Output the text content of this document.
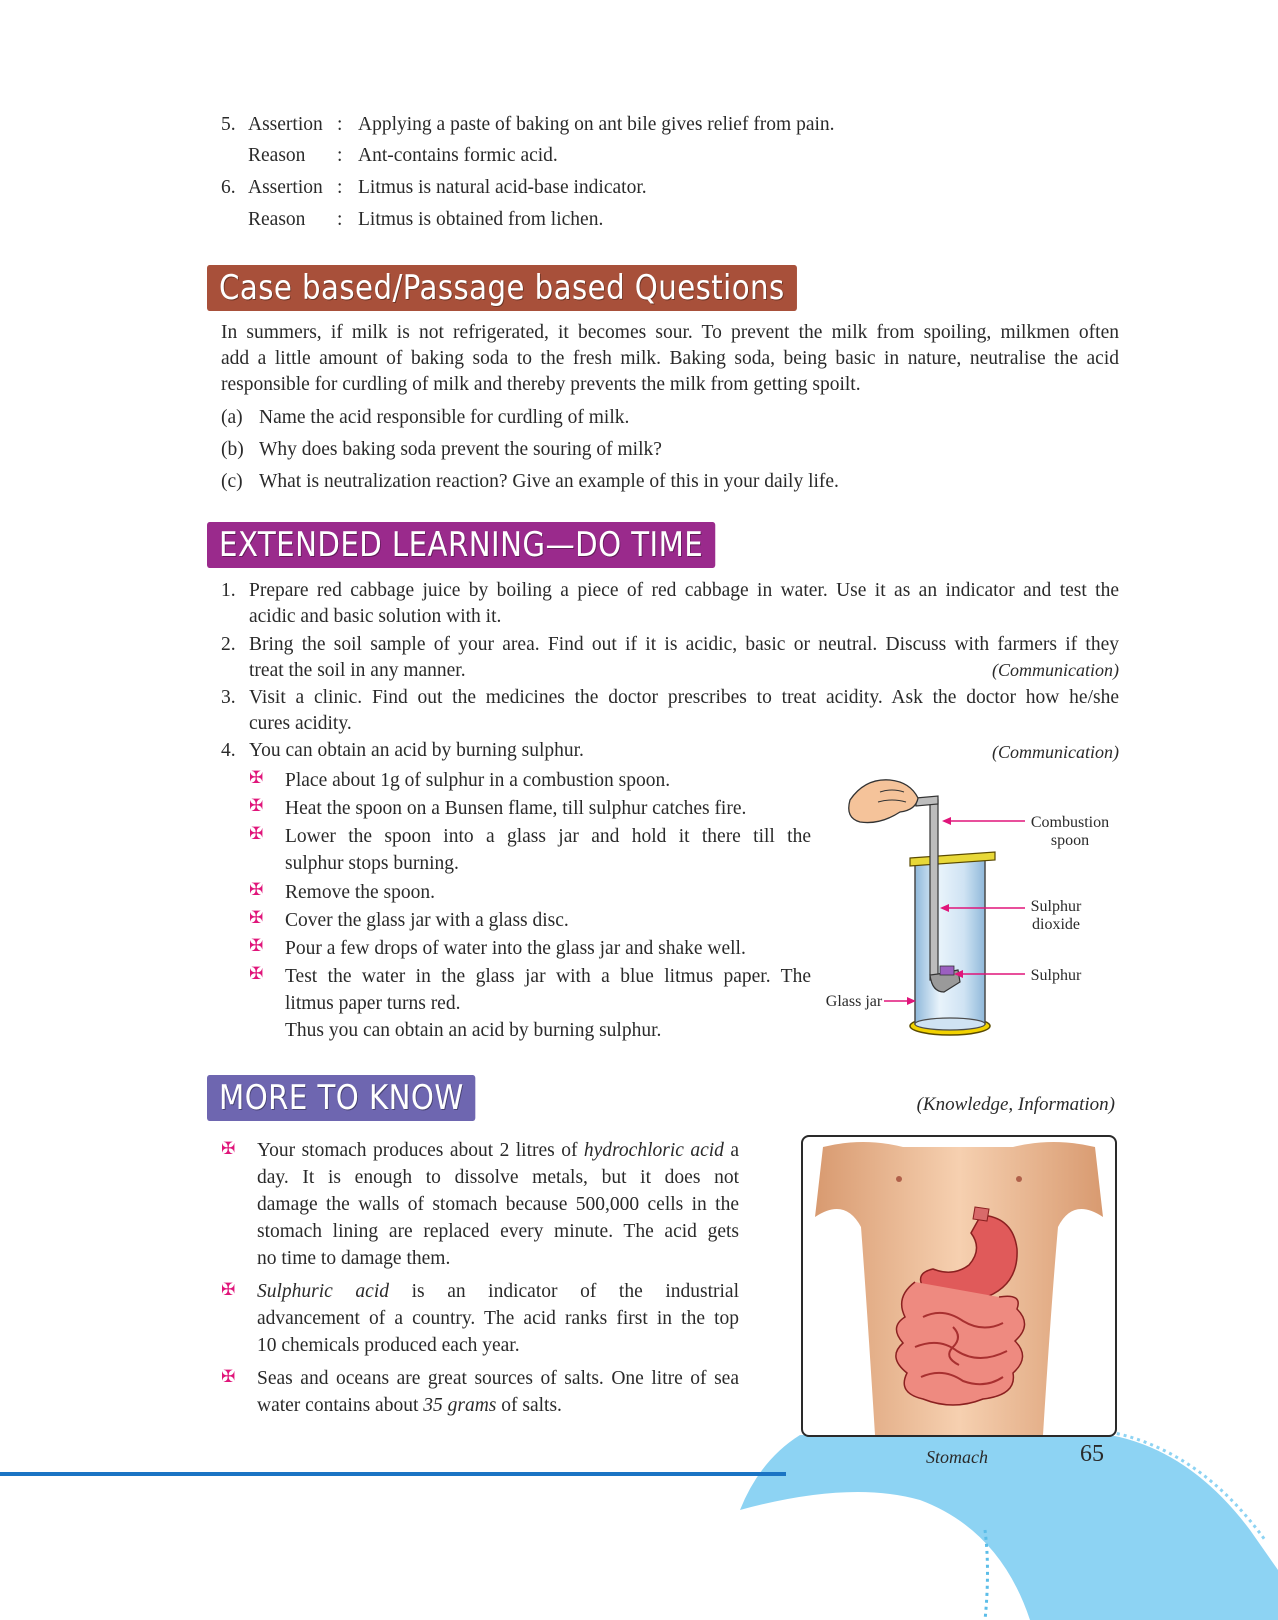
5. Assertion : Applying a paste of baking on ant bile gives relief from pain.
Reason : Ant-contains formic acid.
6. Assertion : Litmus is natural acid-base indicator.
Reason : Litmus is obtained from lichen.
Case based/Passage based Questions
In summers, if milk is not refrigerated, it becomes sour. To prevent the milk from spoiling, milkmen often
add a little amount of baking soda to the fresh milk. Baking soda, being basic in nature, neutralise the acid
responsible for curdling of milk and thereby prevents the milk from getting spoilt.
(a) Name the acid responsible for curdling of milk.
(b) Why does baking soda prevent the souring of milk?
(c) What is neutralization reaction? Give an example of this in your daily life.
EXTENDED LEARNING—DO TIME
1. Prepare red cabbage juice by boiling a piece of red cabbage in water. Use it as an indicator and test the
acidic and basic solution with it.
2. Bring the soil sample of your area. Find out if it is acidic, basic or neutral. Discuss with farmers if they
treat the soil in any manner.	(Communication)
3. Visit a clinic. Find out the medicines the doctor prescribes to treat acidity. Ask the doctor how he/she
cures acidity.
4. You can obtain an acid by burning sulphur.	(Communication)
✠ Place about 1g of sulphur in a combustion spoon.
✠ Heat the spoon on a Bunsen flame, till sulphur catches fire.
✠ Lower the spoon into a glass jar and hold it there till the
sulphur stops burning.
✠ Remove the spoon.
✠ Cover the glass jar with a glass disc.
✠ Pour a few drops of water into the glass jar and shake well.
✠ Test the water in the glass jar with a blue litmus paper. The
litmus paper turns red.
Thus you can obtain an acid by burning sulphur.
Combustion
spoon
Sulphur
dioxide
Sulphur
Glass jar
MORE TO KNOW	(Knowledge, Information)
✠ Your stomach produces about 2 litres of hydrochloric acid a
day. It is enough to dissolve metals, but it does not
damage the walls of stomach because 500,000 cells in the
stomach lining are replaced every minute. The acid gets
no time to damage them.
✠ Sulphuric acid is an indicator of the industrial
advancement of a country. The acid ranks first in the top
10 chemicals produced each year.
✠ Seas and oceans are great sources of salts. One litre of sea
water contains about 35 grams of salts.
Stomach	65
